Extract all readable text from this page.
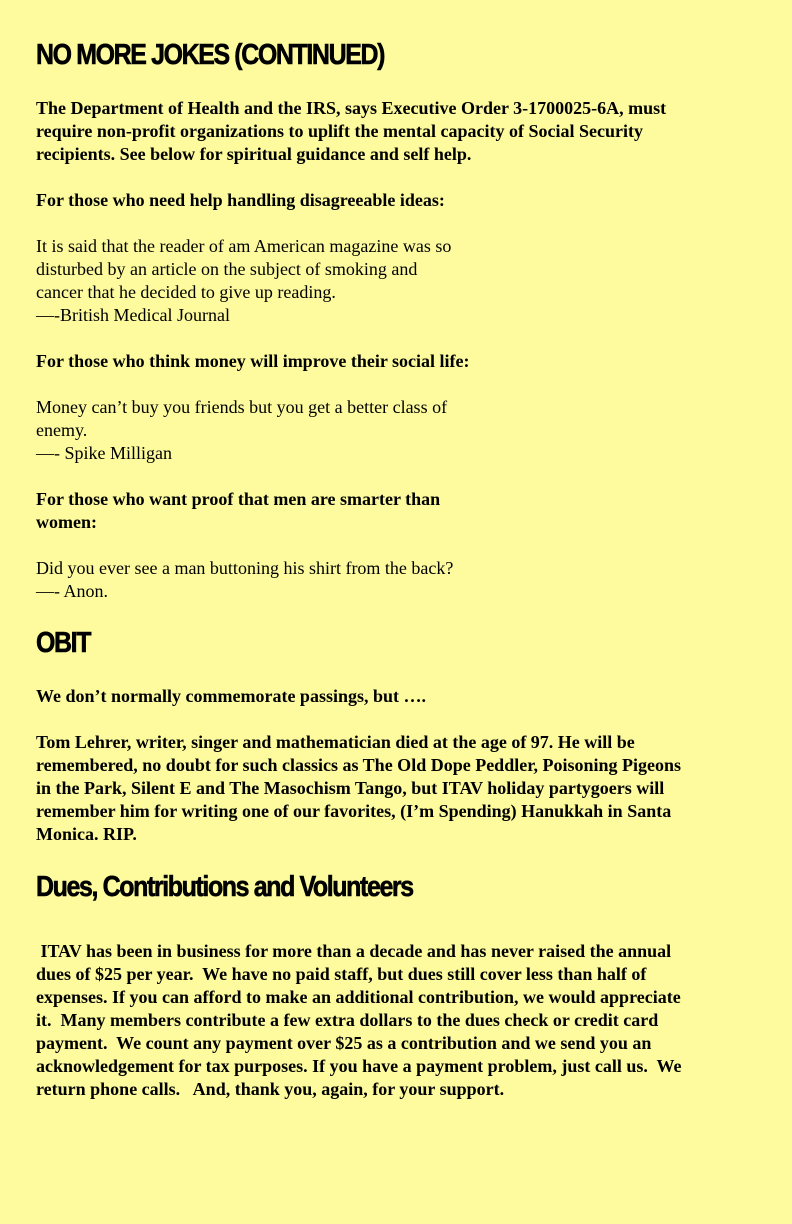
NO MORE JOKES (CONTINUED)

The Department of Health and the IRS, says Executive Order 3-1700025-6A, must
require non-profit organizations to uplift the mental capacity of Social Security
recipients. See below for spiritual guidance and self help.

For those who need help handling disagreeable ideas:

It is said that the reader of am American magazine was so
disturbed by an article on the subject of smoking and
cancer that he decided to give up reading.
—-British Medical Journal

For those who think money will improve their social life:

Money can’t buy you friends but you get a better class of
enemy.
—- Spike Milligan

For those who want proof that men are smarter than
women:

Did you ever see a man buttoning his shirt from the back?
—- Anon.

OBIT

We don’t normally commemorate passings, but ….

Tom Lehrer, writer, singer and mathematician died at the age of 97. He will be
remembered, no doubt for such classics as The Old Dope Peddler, Poisoning Pigeons
in the Park, Silent E and The Masochism Tango, but ITAV holiday partygoers will
remember him for writing one of our favorites, (I’m Spending) Hanukkah in Santa
Monica. RIP.

Dues, Contributions and Volunteers

ITAV has been in business for more than a decade and has never raised the annual
dues of $25 per year.  We have no paid staff, but dues still cover less than half of
expenses. If you can afford to make an additional contribution, we would appreciate
it.  Many members contribute a few extra dollars to the dues check or credit card
payment.  We count any payment over $25 as a contribution and we send you an
acknowledgement for tax purposes. If you have a payment problem, just call us.  We
return phone calls.   And, thank you, again, for your support.
